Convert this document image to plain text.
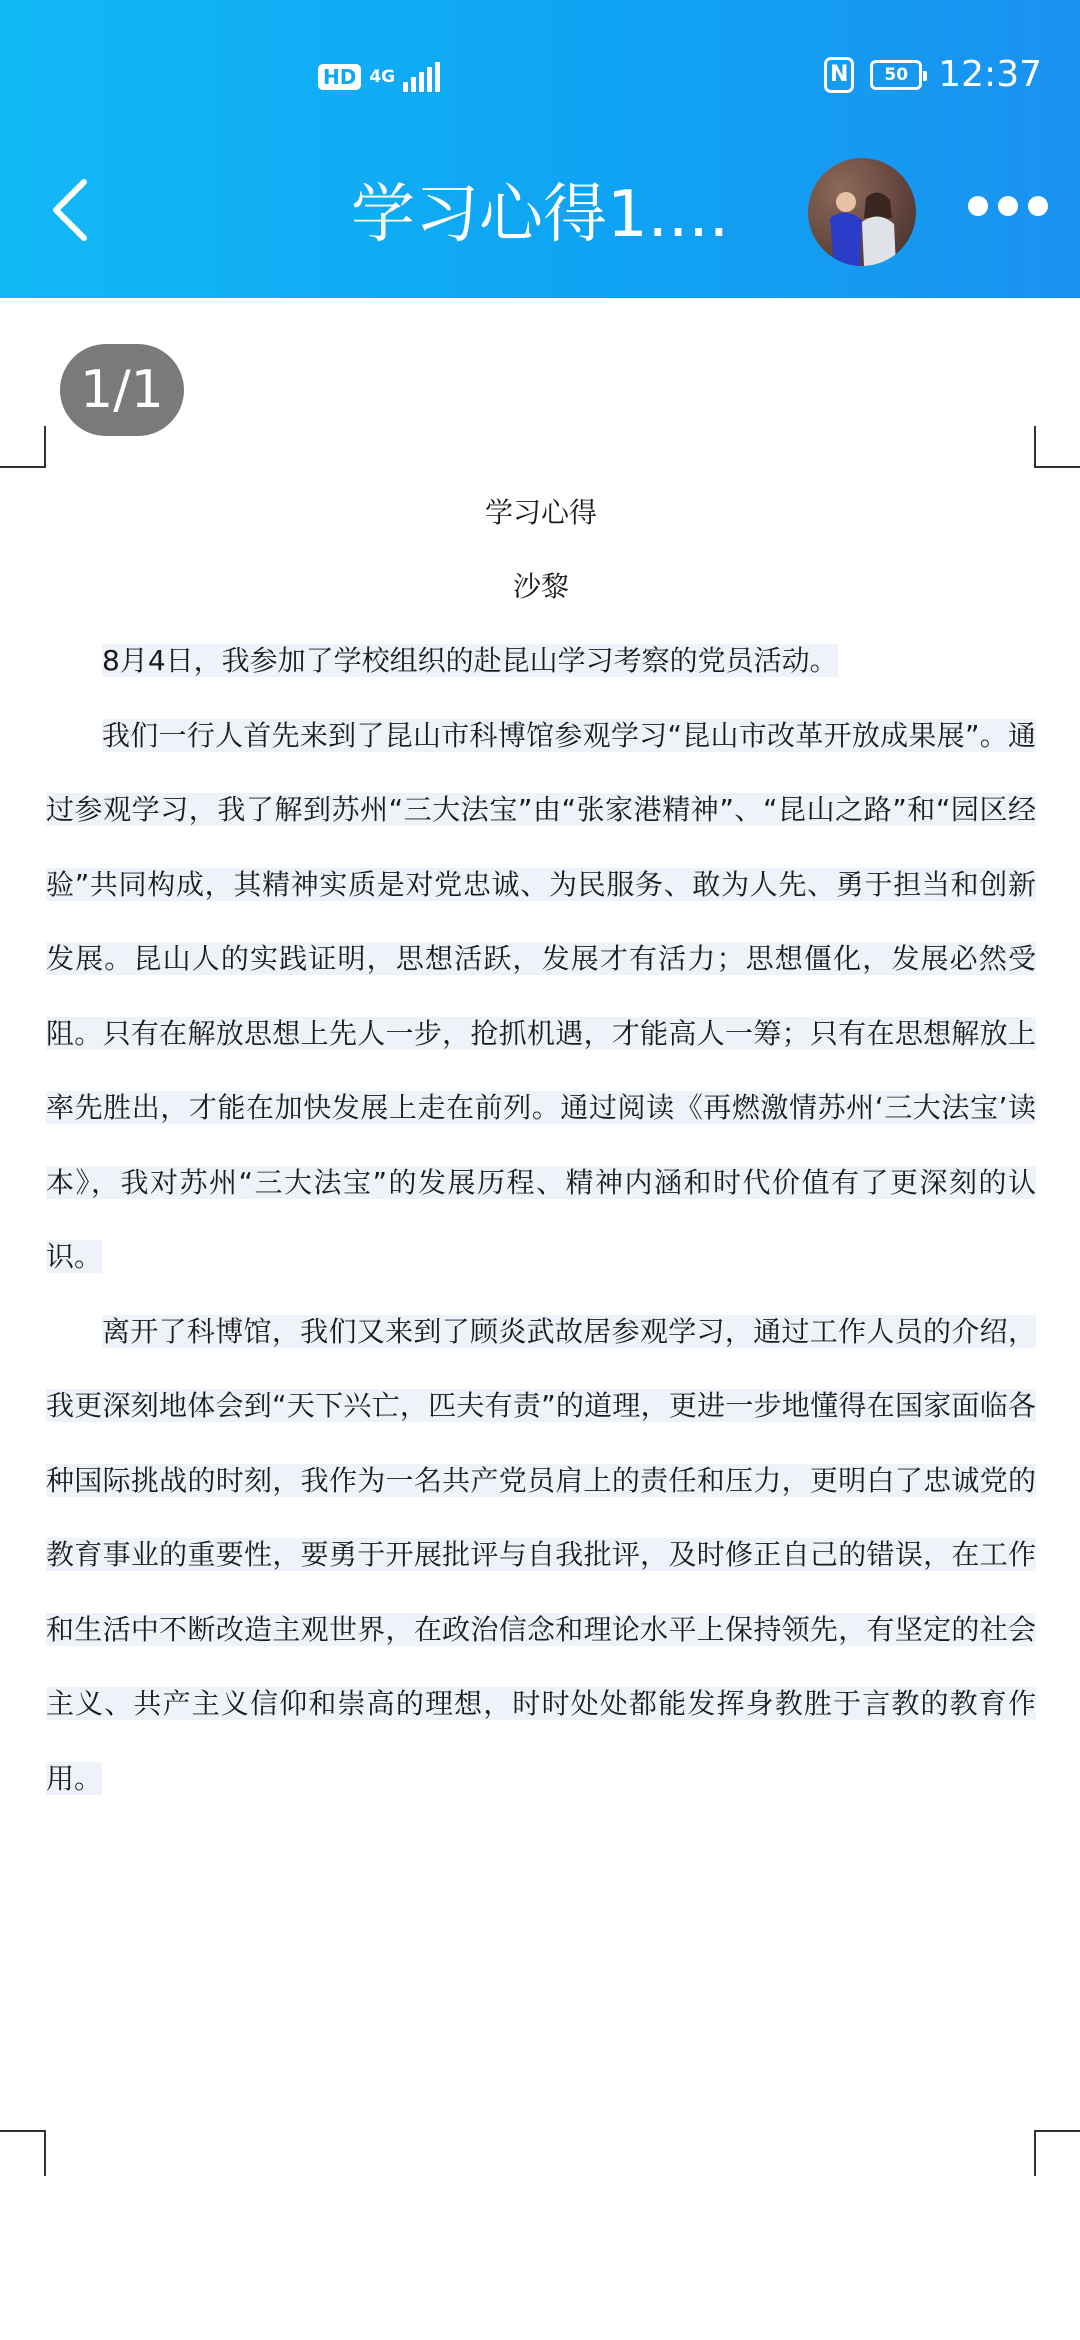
HD 4G	N	50 12:37
学习心得1....
1/1
学习心得
沙黎
8月4日，我参加了学校组织的赴昆山学习考察的党员活动。
我们一行人首先来到了昆山市科博馆参观学习“昆山市改革开放成果展”。通过参观学习，我了解到苏州“三大法宝”由“张家港精神”、“昆山之路”和“园区经验”共同构成，其精神实质是对党忠诚、为民服务、敢为人先、勇于担当和创新发展。昆山人的实践证明，思想活跃，发展才有活力；思想僵化，发展必然受阻。只有在解放思想上先人一步，抢抓机遇，才能高人一筹；只有在思想解放上率先胜出，才能在加快发展上走在前列。通过阅读《再燃激情苏州‘三大法宝’读本》，我对苏州“三大法宝”的发展历程、精神内涵和时代价值有了更深刻的认识。
离开了科博馆，我们又来到了顾炎武故居参观学习，通过工作人员的介绍，我更深刻地体会到“天下兴亡，匹夫有责”的道理，更进一步地懂得在国家面临各种国际挑战的时刻，我作为一名共产党员肩上的责任和压力，更明白了忠诚党的教育事业的重要性，要勇于开展批评与自我批评，及时修正自己的错误，在工作和生活中不断改造主观世界，在政治信念和理论水平上保持领先，有坚定的社会主义、共产主义信仰和崇高的理想，时时处处都能发挥身教胜于言教的教育作用。
